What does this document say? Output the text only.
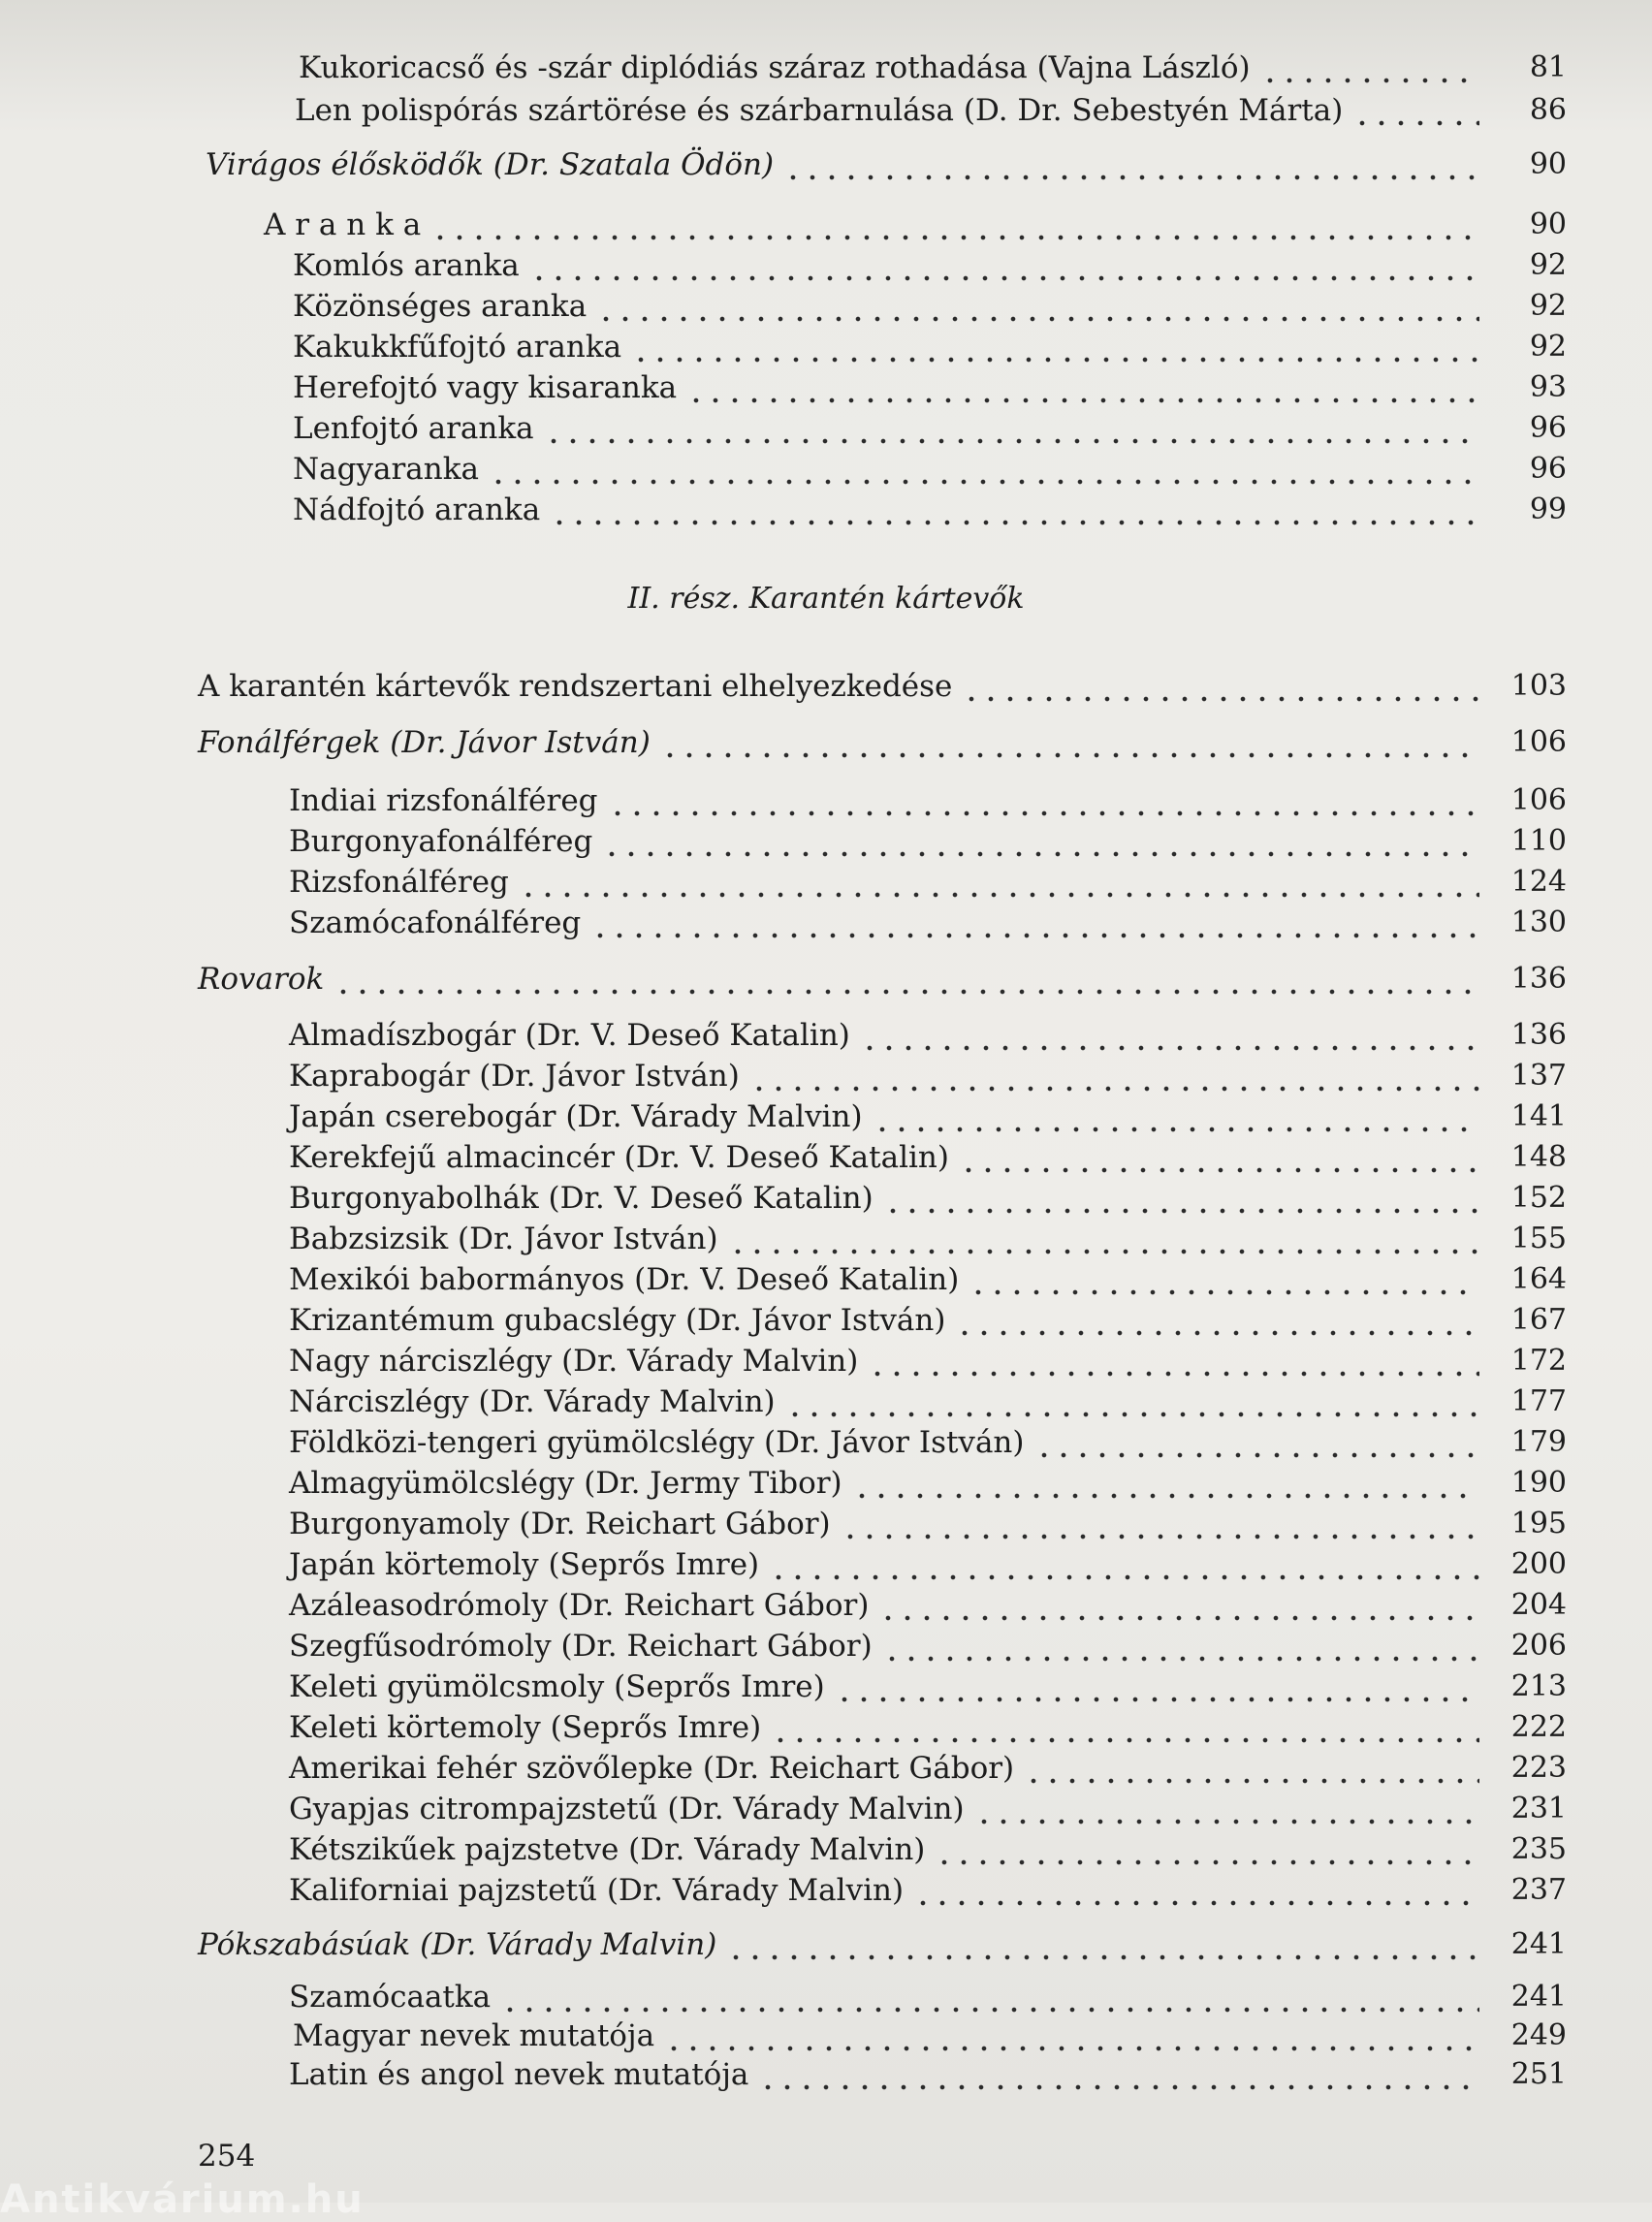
Kukoricacső és -szár diplódiás száraz rothadása (Vajna László)	81
Len polispórás szártörése és szárbarnulása (D. Dr. Sebestyén Márta)	86
Virágos élősködők (Dr. Szatala Ödön)	90
A r a n k a	90
Komlós aranka	92
Közönséges aranka	92
Kakukkfűfojtó aranka	92
Herefojtó vagy kisaranka	93
Lenfojtó aranka	96
Nagyaranka	96
Nádfojtó aranka	99
II. rész. Karantén kártevők
A karantén kártevők rendszertani elhelyezkedése	103
Fonálférgek (Dr. Jávor István)	106
Indiai rizsfonálféreg	106
Burgonyafonálféreg	110
Rizsfonálféreg	124
Szamócafonálféreg	130
Rovarok	136
Almadíszbogár (Dr. V. Deseő Katalin)	136
Kaprabogár (Dr. Jávor István)	137
Japán cserebogár (Dr. Várady Malvin)	141
Kerekfejű almacincér (Dr. V. Deseő Katalin)	148
Burgonyabolhák (Dr. V. Deseő Katalin)	152
Babzsizsik (Dr. Jávor István)	155
Mexikói babormányos (Dr. V. Deseő Katalin)	164
Krizantémum gubacslégy (Dr. Jávor István)	167
Nagy nárciszlégy (Dr. Várady Malvin)	172
Nárciszlégy (Dr. Várady Malvin)	177
Földközi-tengeri gyümölcslégy (Dr. Jávor István)	179
Almagyümölcslégy (Dr. Jermy Tibor)	190
Burgonyamoly (Dr. Reichart Gábor)	195
Japán körtemoly (Seprős Imre)	200
Azáleasodrómoly (Dr. Reichart Gábor)	204
Szegfűsodrómoly (Dr. Reichart Gábor)	206
Keleti gyümölcsmoly (Seprős Imre)	213
Keleti körtemoly (Seprős Imre)	222
Amerikai fehér szövőlepke (Dr. Reichart Gábor)	223
Gyapjas citrompajzstetű (Dr. Várady Malvin)	231
Kétszikűek pajzstetve (Dr. Várady Malvin)	235
Kaliforniai pajzstetű (Dr. Várady Malvin)	237
Pókszabásúak (Dr. Várady Malvin)	241
Szamócaatka	241
Magyar nevek mutatója	249
Latin és angol nevek mutatója	251
254
Antikvárium.hu
